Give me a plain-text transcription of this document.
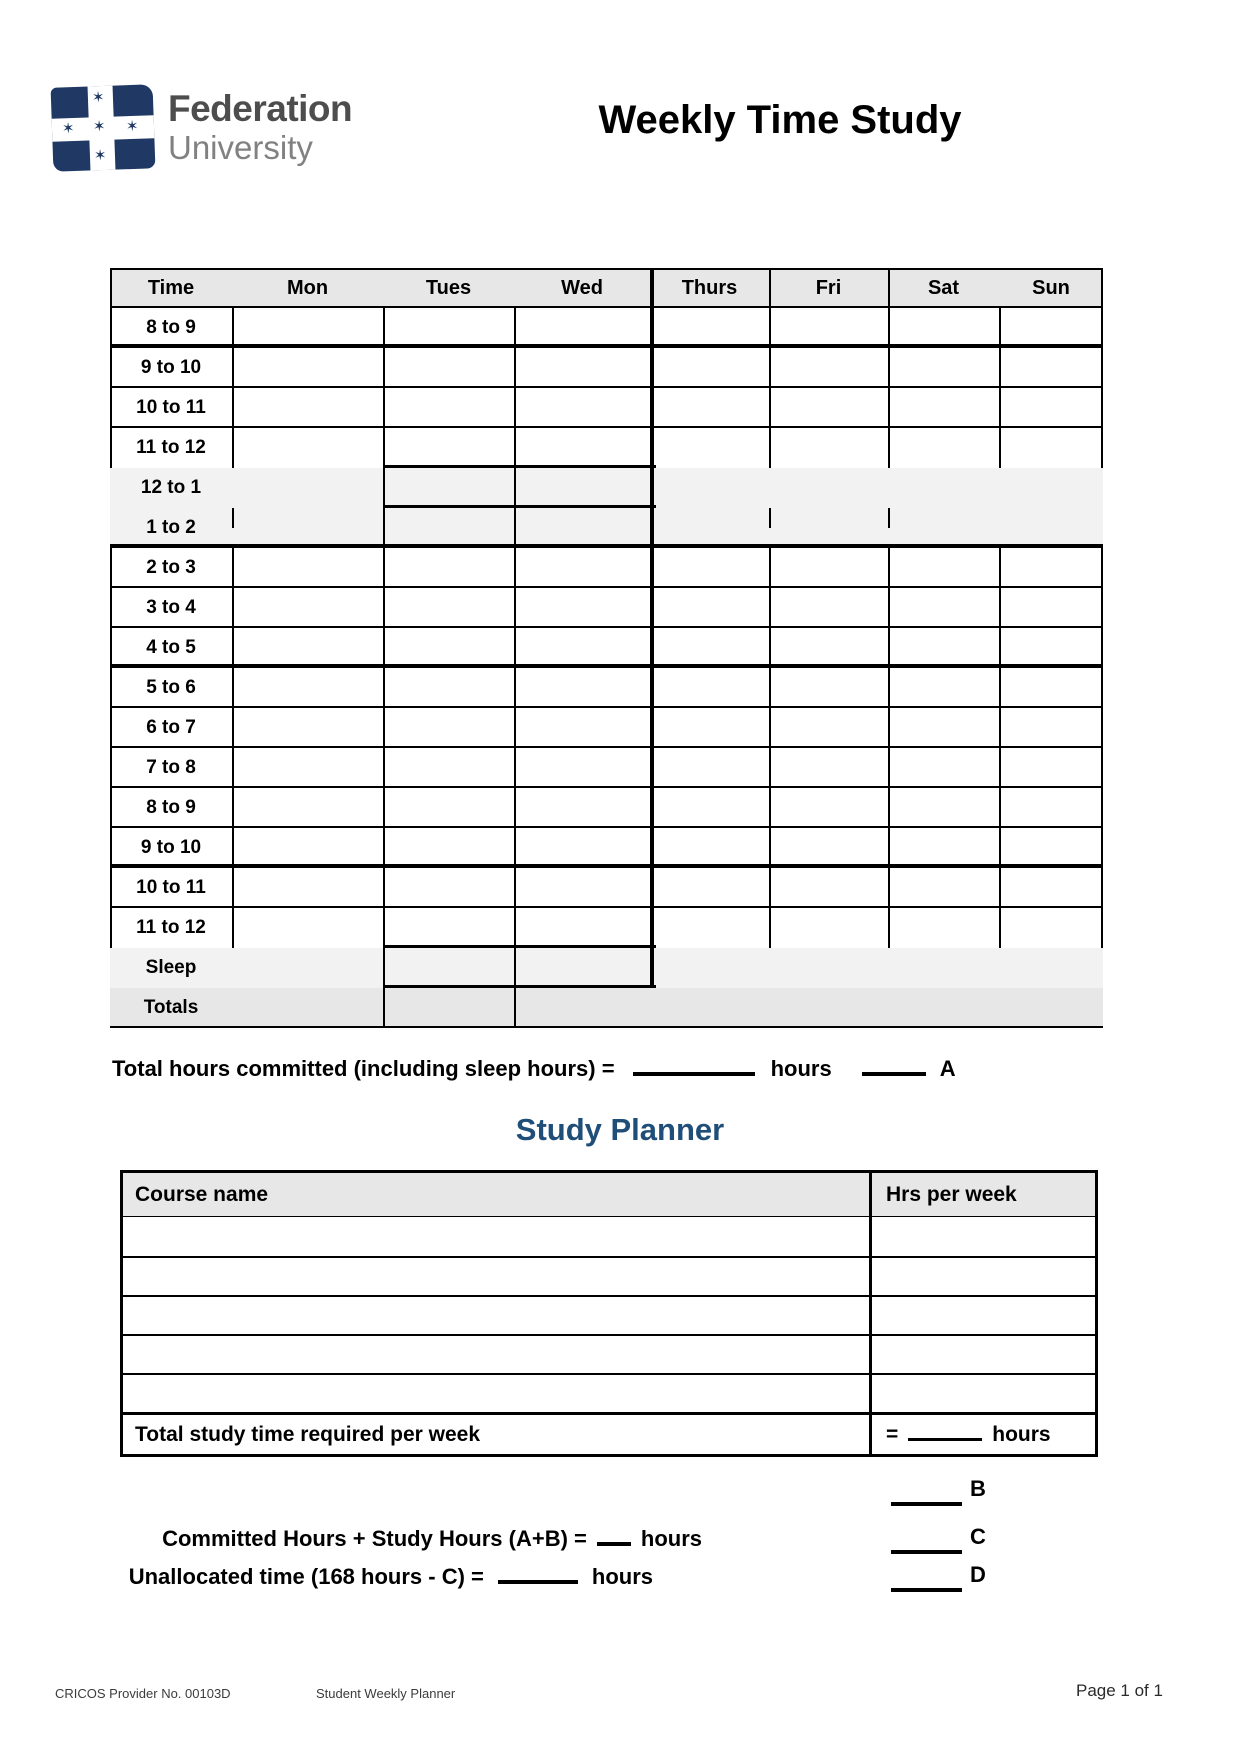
✶
✶
✶
✶	✶ Federation
University
Weekly Time Study
Time	Mon	Tues	Wed	Thurs	Fri	Sat	Sun
8 to 9
9 to 10
10 to 11
11 to 12
12 to 1
1 to 2
2 to 3
3 to 4
4 to 5
5 to 6
6 to 7
7 to 8
8 to 9
9 to 10
10 to 11
11 to 12
Sleep
Totals
Total hours committed (including sleep hours) =	hours	A
Study Planner
Course name	Hrs per week
Total study time required per week	=	hours
B
Committed Hours + Study Hours (A+B) = hours	C
Unallocated time (168 hours - C) =	hours	D
CRICOS Provider No. 00103D	Student Weekly Planner	Page 1 of 1
